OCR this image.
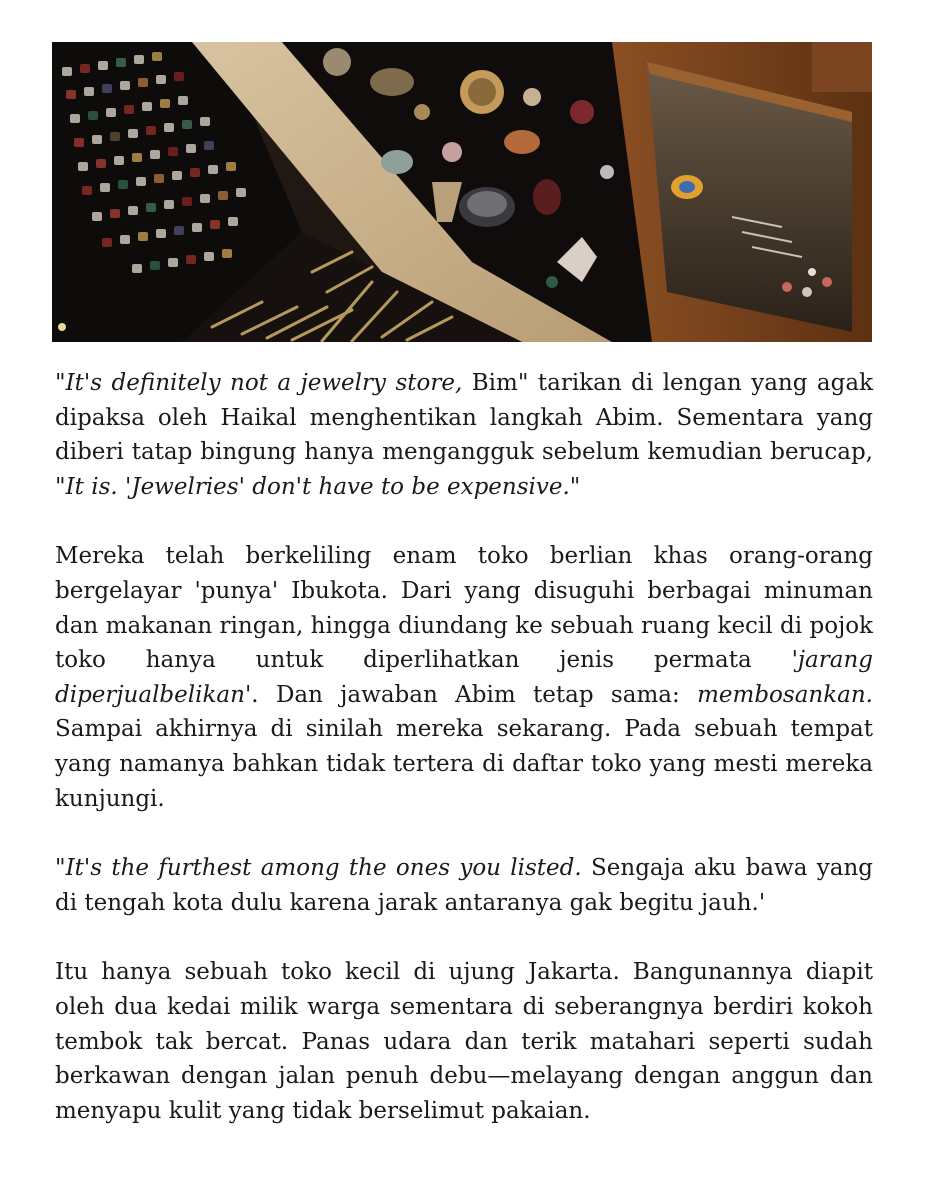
"It's definitely not a jewelry store, Bim" tarikan di lengan yang agak dipaksa oleh Haikal menghentikan langkah Abim. Sementara yang diberi tatap bingung hanya mengangguk sebelum kemudian berucap, "It is. 'Jewelries' don't have to be expensive."

Mereka telah berkeliling enam toko berlian khas orang-orang bergelayar 'punya' Ibukota. Dari yang disuguhi berbagai minuman dan makanan ringan, hingga diundang ke sebuah ruang kecil di pojok toko hanya untuk diperlihatkan jenis permata 'jarang diperjualbelikan'. Dan jawaban Abim tetap sama: membosankan. Sampai akhirnya di sinilah mereka sekarang. Pada sebuah tempat yang namanya bahkan tidak tertera di daftar toko yang mesti mereka kunjungi.

"It's the furthest among the ones you listed. Sengaja aku bawa yang di tengah kota dulu karena jarak antaranya gak begitu jauh.'

Itu hanya sebuah toko kecil di ujung Jakarta. Bangunannya diapit oleh dua kedai milik warga sementara di seberangnya berdiri kokoh tembok tak bercat. Panas udara dan terik matahari seperti sudah berkawan dengan jalan penuh debu—melayang dengan anggun dan menyapu kulit yang tidak berselimut pakaian.
